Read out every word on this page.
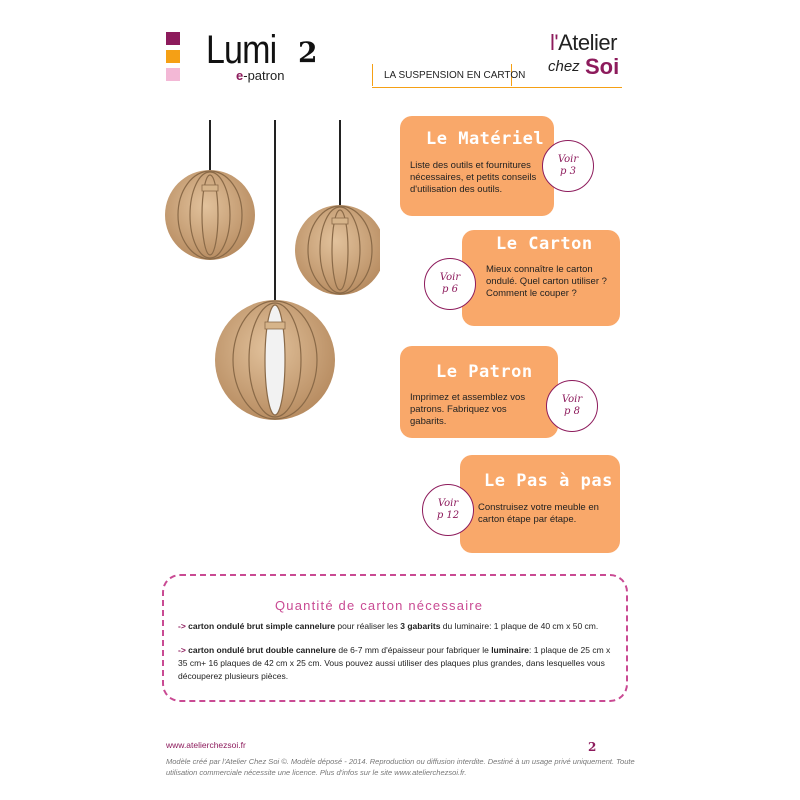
Lumi
e-patron
2
LA SUSPENSION EN CARTON
l'Atelier
chez Soi
Le Matériel
Liste des outils et fournitures nécessaires, et petits conseils d'utilisation des outils.
Voir
p 3
Le Carton
Mieux connaître le carton ondulé. Quel carton utiliser ? Comment le couper ?
Voir
p 6
Le Patron
Imprimez et assemblez vos patrons. Fabriquez vos gabarits.
Voir
p 8
Le Pas à pas
Construisez votre meuble en carton étape par étape.
Voir
p 12
Quantité de carton nécessaire
-> carton ondulé brut simple cannelure pour réaliser les 3 gabarits du luminaire: 1 plaque de 40 cm x 50 cm.
-> carton ondulé brut double cannelure de 6-7 mm d'épaisseur pour fabriquer le luminaire: 1 plaque de 25 cm x 35 cm+ 16 plaques de 42 cm x 25 cm. Vous pouvez aussi utiliser des plaques plus grandes, dans lesquelles vous découperez plusieurs pièces.
www.atelierchezsoi.fr	2
Modèle créé par l'Atelier Chez Soi ©. Modèle déposé - 2014. Reproduction ou diffusion interdite. Destiné à un usage privé uniquement. Toute utilisation commerciale nécessite une licence. Plus d'infos sur le site www.atelierchezsoi.fr.
